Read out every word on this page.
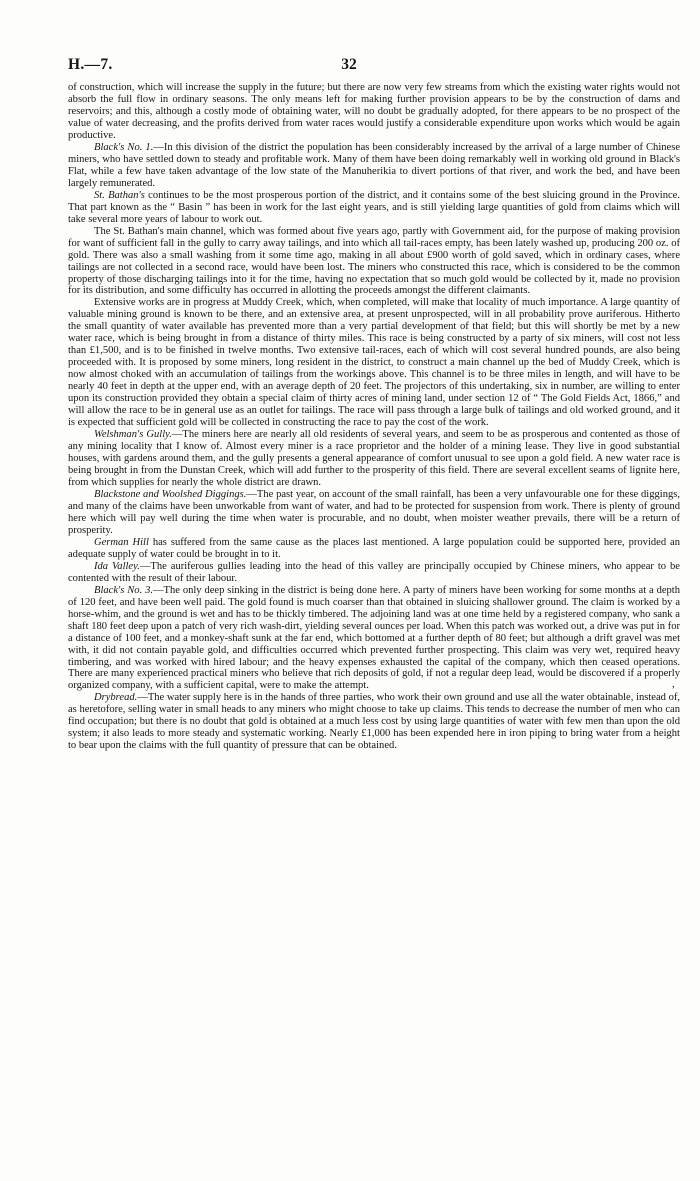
H.—7.	32

of construction, which will increase the supply in the future; but there are now very few streams from which the existing water rights would not absorb the full flow in ordinary seasons. The only means left for making further provision appears to be by the construction of dams and reservoirs; and this, although a costly mode of obtaining water, will no doubt be gradually adopted, for there appears to be no prospect of the value of water decreasing, and the profits derived from water races would justify a considerable expenditure upon works which would be again productive.

Black's No. 1.—In this division of the district the population has been considerably increased by the arrival of a large number of Chinese miners, who have settled down to steady and profitable work. Many of them have been doing remarkably well in working old ground in Black's Flat, while a few have taken advantage of the low state of the Manuherikia to divert portions of that river, and work the bed, and have been largely remunerated.

St. Bathan's continues to be the most prosperous portion of the district, and it contains some of the best sluicing ground in the Province. That part known as the “ Basin ” has been in work for the last eight years, and is still yielding large quantities of gold from claims which will take several more years of labour to work out.

The St. Bathan's main channel, which was formed about five years ago, partly with Government aid, for the purpose of making provision for want of sufficient fall in the gully to carry away tailings, and into which all tail-races empty, has been lately washed up, producing 200 oz. of gold. There was also a small washing from it some time ago, making in all about £900 worth of gold saved, which in ordinary cases, where tailings are not collected in a second race, would have been lost. The miners who constructed this race, which is considered to be the common property of those discharging tailings into it for the time, having no expectation that so much gold would be collected by it, made no provision for its distribution, and some difficulty has occurred in allotting the proceeds amongst the different claimants.

Extensive works are in progress at Muddy Creek, which, when completed, will make that locality of much importance. A large quantity of valuable mining ground is known to be there, and an extensive area, at present unprospected, will in all probability prove auriferous. Hitherto the small quantity of water available has prevented more than a very partial development of that field; but this will shortly be met by a new water race, which is being brought in from a distance of thirty miles. This race is being constructed by a party of six miners, will cost not less than £1,500, and is to be finished in twelve months. Two extensive tail-races, each of which will cost several hundred pounds, are also being proceeded with. It is proposed by some miners, long resident in the district, to construct a main channel up the bed of Muddy Creek, which is now almost choked with an accumulation of tailings from the workings above. This channel is to be three miles in length, and will have to be nearly 40 feet in depth at the upper end, with an average depth of 20 feet. The projectors of this undertaking, six in number, are willing to enter upon its construction provided they obtain a special claim of thirty acres of mining land, under section 12 of “ The Gold Fields Act, 1866,” and will allow the race to be in general use as an outlet for tailings. The race will pass through a large bulk of tailings and old worked ground, and it is expected that sufficient gold will be collected in constructing the race to pay the cost of the work.

Welshman's Gully.—The miners here are nearly all old residents of several years, and seem to be as prosperous and contented as those of any mining locality that I know of. Almost every miner is a race proprietor and the holder of a mining lease. They live in good substantial houses, with gardens around them, and the gully presents a general appearance of comfort unusual to see upon a gold field. A new water race is being brought in from the Dunstan Creek, which will add further to the prosperity of this field. There are several excellent seams of lignite here, from which supplies for nearly the whole district are drawn.

Blackstone and Woolshed Diggings.—The past year, on account of the small rainfall, has been a very unfavourable one for these diggings, and many of the claims have been unworkable from want of water, and had to be protected for suspension from work. There is plenty of ground here which will pay well during the time when water is procurable, and no doubt, when moister weather prevails, there will be a return of prosperity.

German Hill has suffered from the same cause as the places last mentioned. A large population could be supported here, provided an adequate supply of water could be brought in to it.

Ida Valley.—The auriferous gullies leading into the head of this valley are principally occupied by Chinese miners, who appear to be contented with the result of their labour.

Black's No. 3.—The only deep sinking in the district is being done here. A party of miners have been working for some months at a depth of 120 feet, and have been well paid. The gold found is much coarser than that obtained in sluicing shallower ground. The claim is worked by a horse-whim, and the ground is wet and has to be thickly timbered. The adjoining land was at one time held by a registered company, who sank a shaft 180 feet deep upon a patch of very rich wash-dirt, yielding several ounces per load. When this patch was worked out, a drive was put in for a distance of 100 feet, and a monkey-shaft sunk at the far end, which bottomed at a further depth of 80 feet; but although a drift gravel was met with, it did not contain payable gold, and difficulties occurred which prevented further prospecting. This claim was very wet, required heavy timbering, and was worked with hired labour; and the heavy expenses exhausted the capital of the company, which then ceased operations. There are many experienced practical miners who believe that rich deposits of gold, if not a regular deep lead, would be discovered if a properly organized company, with a sufficient capital, were to make the attempt.

Drybread.—The water supply here is in the hands of three parties, who work their own ground and use all the water obtainable, instead of, as heretofore, selling water in small heads to any miners who might choose to take up claims. This tends to decrease the number of men who can find occupation; but there is no doubt that gold is obtained at a much less cost by using large quantities of water with few men than upon the old system; it also leads to more steady and systematic working. Nearly £1,000 has been expended here in iron piping to bring water from a height to bear upon the claims with the full quantity of pressure that can be obtained.

,
